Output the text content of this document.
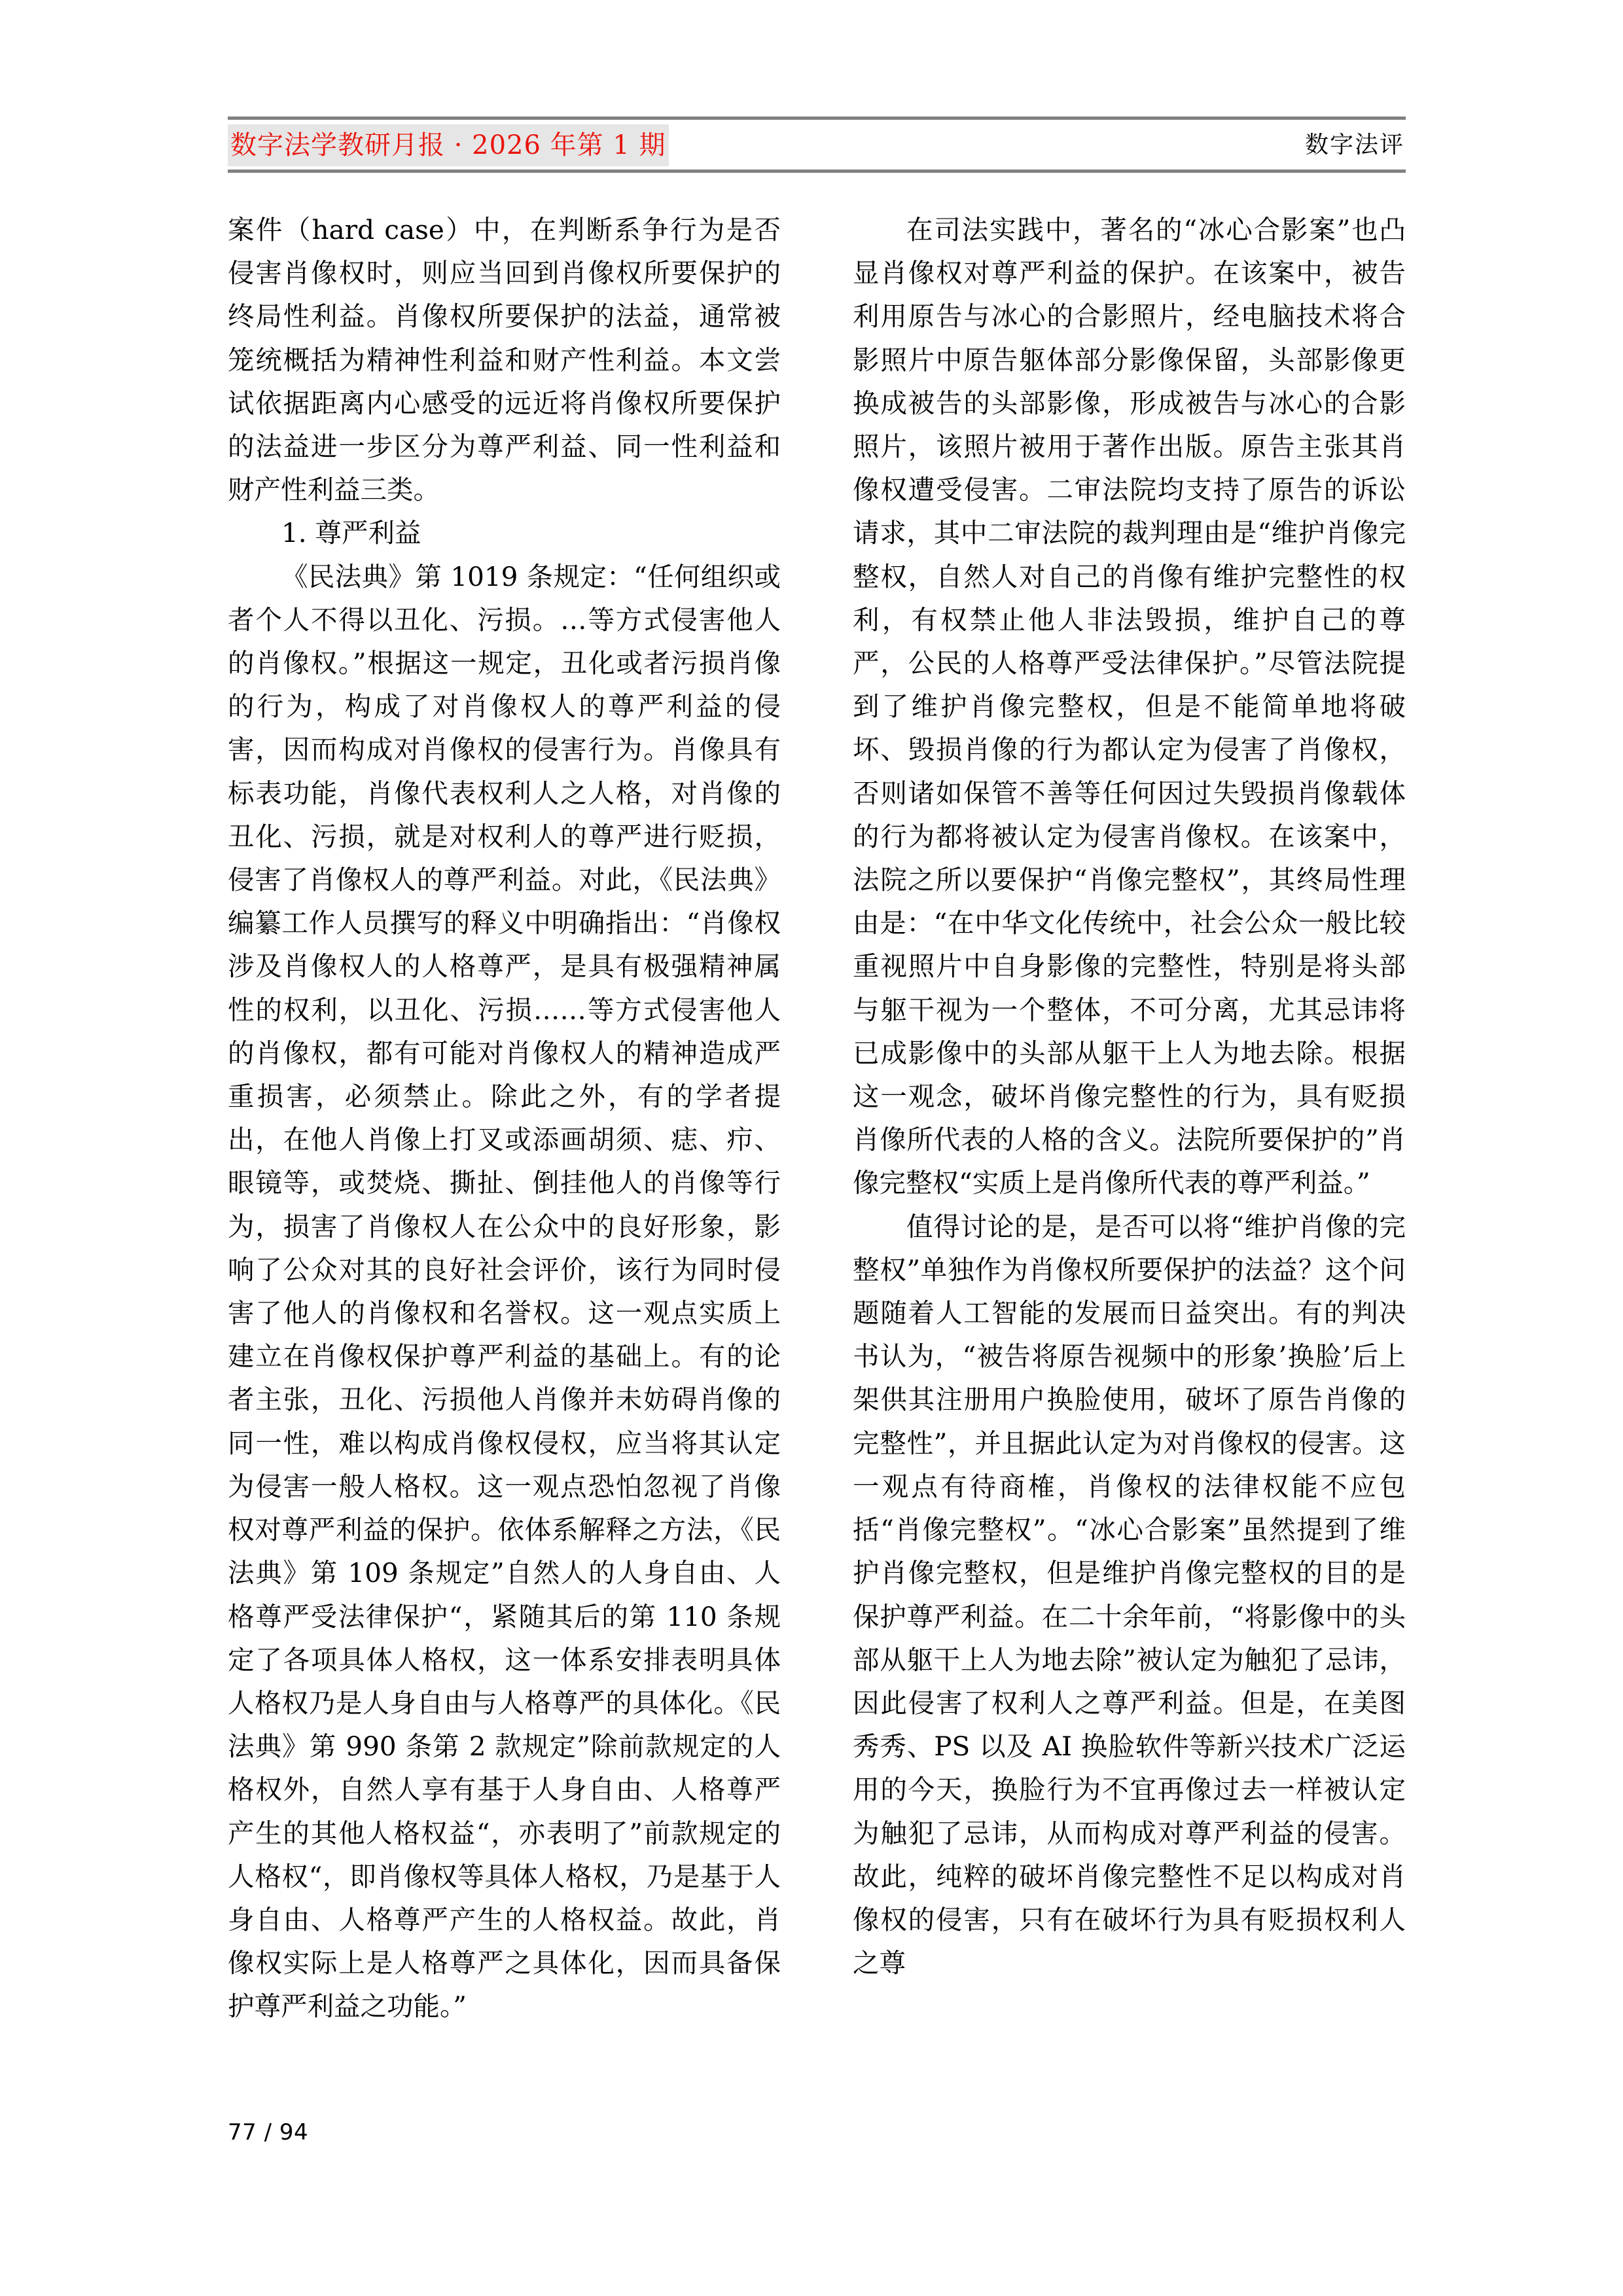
数字法学教研月报 · 2026 年第 1 期	数字法评

案件（hard case）中，在判断系争行为是否侵害肖像权时，则应当回到肖像权所要保护的终局性利益。肖像权所要保护的法益，通常被笼统概括为精神性利益和财产性利益。本文尝试依据距离内心感受的远近将肖像权所要保护的法益进一步区分为尊严利益、同一性利益和财产性利益三类。

1. 尊严利益

《民法典》第 1019 条规定：“任何组织或者个人不得以丑化、污损。…等方式侵害他人的肖像权。”根据这一规定，丑化或者污损肖像的行为，构成了对肖像权人的尊严利益的侵害，因而构成对肖像权的侵害行为。肖像具有标表功能，肖像代表权利人之人格，对肖像的丑化、污损，就是对权利人的尊严进行贬损，侵害了肖像权人的尊严利益。对此，《民法典》编纂工作人员撰写的释义中明确指出：“肖像权涉及肖像权人的人格尊严，是具有极强精神属性的权利，以丑化、污损……等方式侵害他人的肖像权，都有可能对肖像权人的精神造成严重损害，必须禁止。除此之外，有的学者提出，在他人肖像上打叉或添画胡须、痣、疖、眼镜等，或焚烧、撕扯、倒挂他人的肖像等行为，损害了肖像权人在公众中的良好形象，影响了公众对其的良好社会评价，该行为同时侵害了他人的肖像权和名誉权。这一观点实质上建立在肖像权保护尊严利益的基础上。有的论者主张，丑化、污损他人肖像并未妨碍肖像的同一性，难以构成肖像权侵权，应当将其认定为侵害一般人格权。这一观点恐怕忽视了肖像权对尊严利益的保护。依体系解释之方法，《民法典》第 109 条规定”自然人的人身自由、人格尊严受法律保护“，紧随其后的第 110 条规定了各项具体人格权，这一体系安排表明具体人格权乃是人身自由与人格尊严的具体化。《民法典》第 990 条第 2 款规定”除前款规定的人格权外，自然人享有基于人身自由、人格尊严产生的其他人格权益“，亦表明了”前款规定的人格权“，即肖像权等具体人格权，乃是基于人身自由、人格尊严产生的人格权益。故此，肖像权实际上是人格尊严之具体化，因而具备保护尊严利益之功能。”

在司法实践中，著名的“冰心合影案”也凸显肖像权对尊严利益的保护。在该案中，被告利用原告与冰心的合影照片，经电脑技术将合影照片中原告躯体部分影像保留，头部影像更换成被告的头部影像，形成被告与冰心的合影照片，该照片被用于著作出版。原告主张其肖像权遭受侵害。二审法院均支持了原告的诉讼请求，其中二审法院的裁判理由是“维护肖像完整权，自然人对自己的肖像有维护完整性的权利，有权禁止他人非法毁损，维护自己的尊严，公民的人格尊严受法律保护。”尽管法院提到了维护肖像完整权，但是不能简单地将破坏、毁损肖像的行为都认定为侵害了肖像权，否则诸如保管不善等任何因过失毁损肖像载体的行为都将被认定为侵害肖像权。在该案中，法院之所以要保护“肖像完整权”，其终局性理由是：“在中华文化传统中，社会公众一般比较重视照片中自身影像的完整性，特别是将头部与躯干视为一个整体，不可分离，尤其忌讳将已成影像中的头部从躯干上人为地去除。根据这一观念，破坏肖像完整性的行为，具有贬损肖像所代表的人格的含义。法院所要保护的”肖像完整权“实质上是肖像所代表的尊严利益。”

值得讨论的是，是否可以将“维护肖像的完整权”单独作为肖像权所要保护的法益？这个问题随着人工智能的发展而日益突出。有的判决书认为，“被告将原告视频中的形象’换脸’后上架供其注册用户换脸使用，破坏了原告肖像的完整性”，并且据此认定为对肖像权的侵害。这一观点有待商榷，肖像权的法律权能不应包括“肖像完整权”。“冰心合影案”虽然提到了维护肖像完整权，但是维护肖像完整权的目的是保护尊严利益。在二十余年前，“将影像中的头部从躯干上人为地去除”被认定为触犯了忌讳，因此侵害了权利人之尊严利益。但是，在美图秀秀、PS 以及 AI 换脸软件等新兴技术广泛运用的今天，换脸行为不宜再像过去一样被认定为触犯了忌讳，从而构成对尊严利益的侵害。故此，纯粹的破坏肖像完整性不足以构成对肖像权的侵害，只有在破坏行为具有贬损权利人之尊

77 / 94
